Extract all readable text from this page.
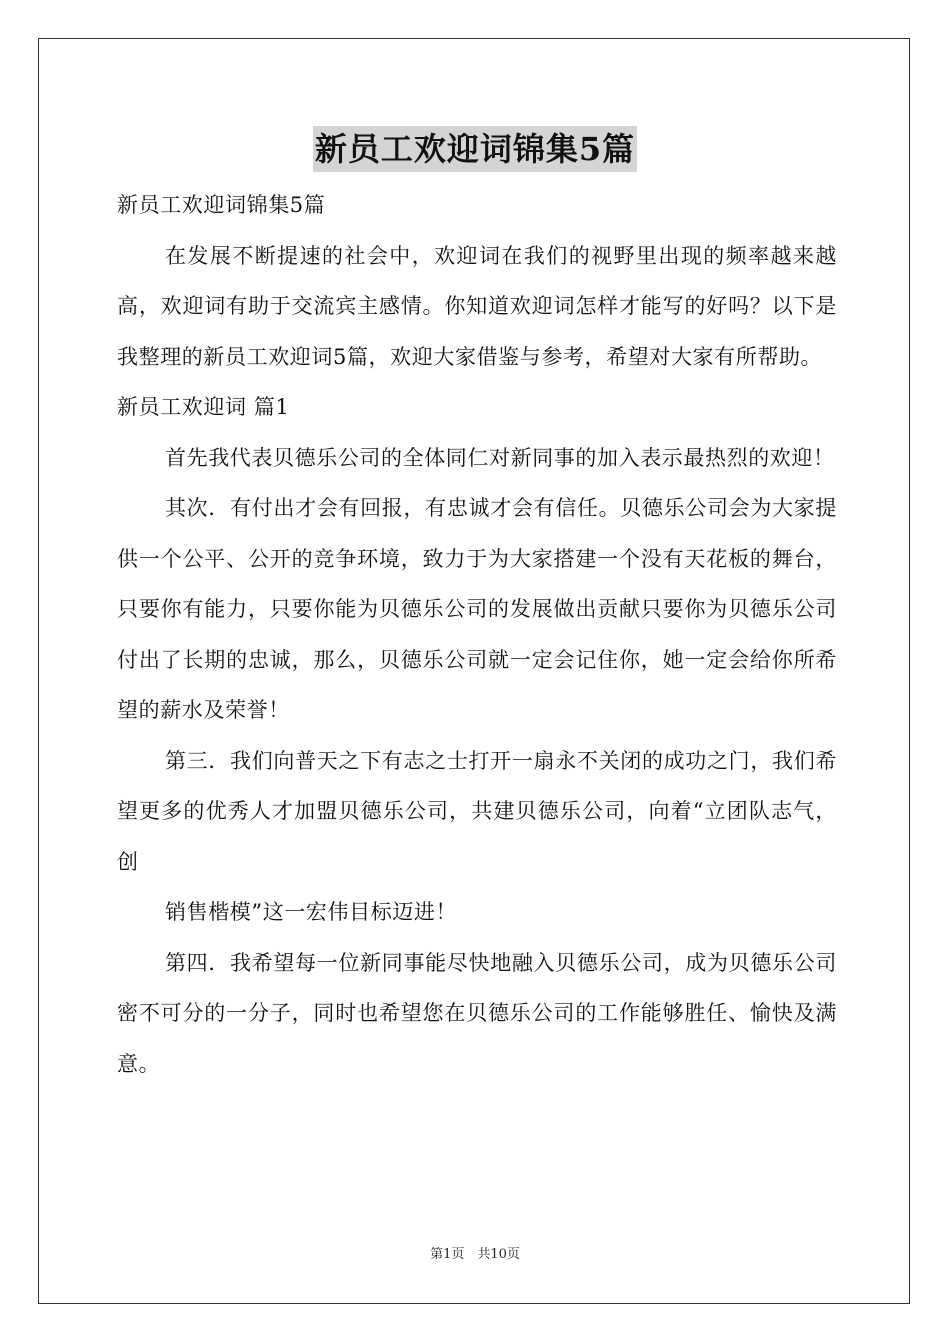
新员工欢迎词锦集5篇

新员工欢迎词锦集5篇

在发展不断提速的社会中，欢迎词在我们的视野里出现的频率越来越高，欢迎词有助于交流宾主感情。你知道欢迎词怎样才能写的好吗？以下是我整理的新员工欢迎词5篇，欢迎大家借鉴与参考，希望对大家有所帮助。

新员工欢迎词 篇1

首先我代表贝德乐公司的全体同仁对新同事的加入表示最热烈的欢迎！

其次．有付出才会有回报，有忠诚才会有信任。贝德乐公司会为大家提供一个公平、公开的竞争环境，致力于为大家搭建一个没有天花板的舞台，只要你有能力，只要你能为贝德乐公司的发展做出贡献只要你为贝德乐公司付出了长期的忠诚，那么，贝德乐公司就一定会记住你，她一定会给你所希望的薪水及荣誉！

第三．我们向普天之下有志之士打开一扇永不关闭的成功之门，我们希望更多的优秀人才加盟贝德乐公司，共建贝德乐公司，向着“立团队志气，创

销售楷模”这一宏伟目标迈进！

第四．我希望每一位新同事能尽快地融入贝德乐公司，成为贝德乐公司密不可分的一分子，同时也希望您在贝德乐公司的工作能够胜任、愉快及满意。

第1页　共10页
